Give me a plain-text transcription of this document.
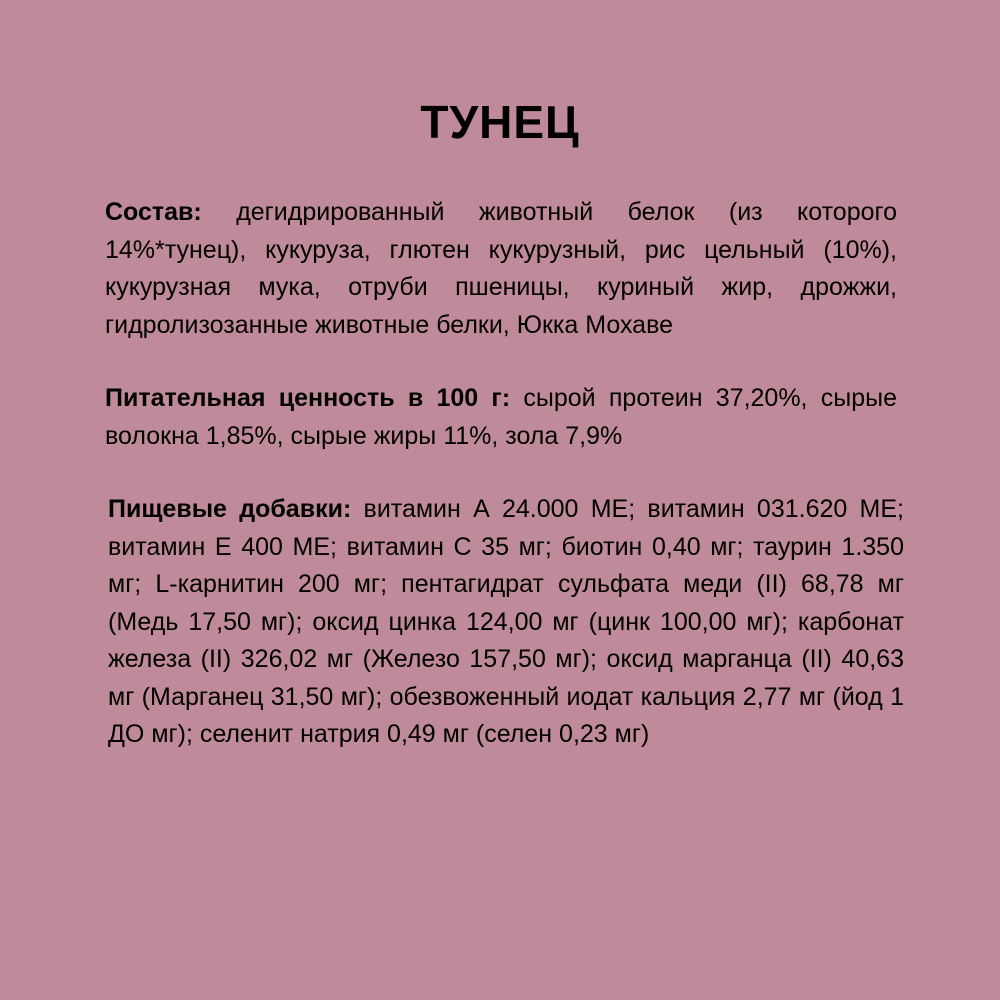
ТУНЕЦ

Состав: дегидрированный животный белок (из которого 14%*тунец), кукуруза, глютен кукурузный, рис цельный (10%), кукурузная мука, отруби пшеницы, куриный жир, дрожжи, гидролизозанные животные белки, Юкка Мохаве

Питательная ценность в 100 г: сырой протеин 37,20%, сырые волокна 1,85%, сырые жиры 11%, зола 7,9%

Пищевые добавки: витамин А 24.000 МЕ; витамин 031.620 МЕ; витамин Е 400 МЕ; витамин С 35 мг; биотин 0,40 мг; таурин 1.350 мг; L-карнитин 200 мг; пентагидрат сульфата меди (II) 68,78 мг (Медь 17,50 мг); оксид цинка 124,00 мг (цинк 100,00 мг); карбонат железа (II) 326,02 мг (Железо 157,50 мг); оксид марганца (II) 40,63 мг (Марганец 31,50 мг); обезвоженный иодат кальция 2,77 мг (йод 1 ДО мг); селенит натрия 0,49 мг (селен 0,23 мг)
